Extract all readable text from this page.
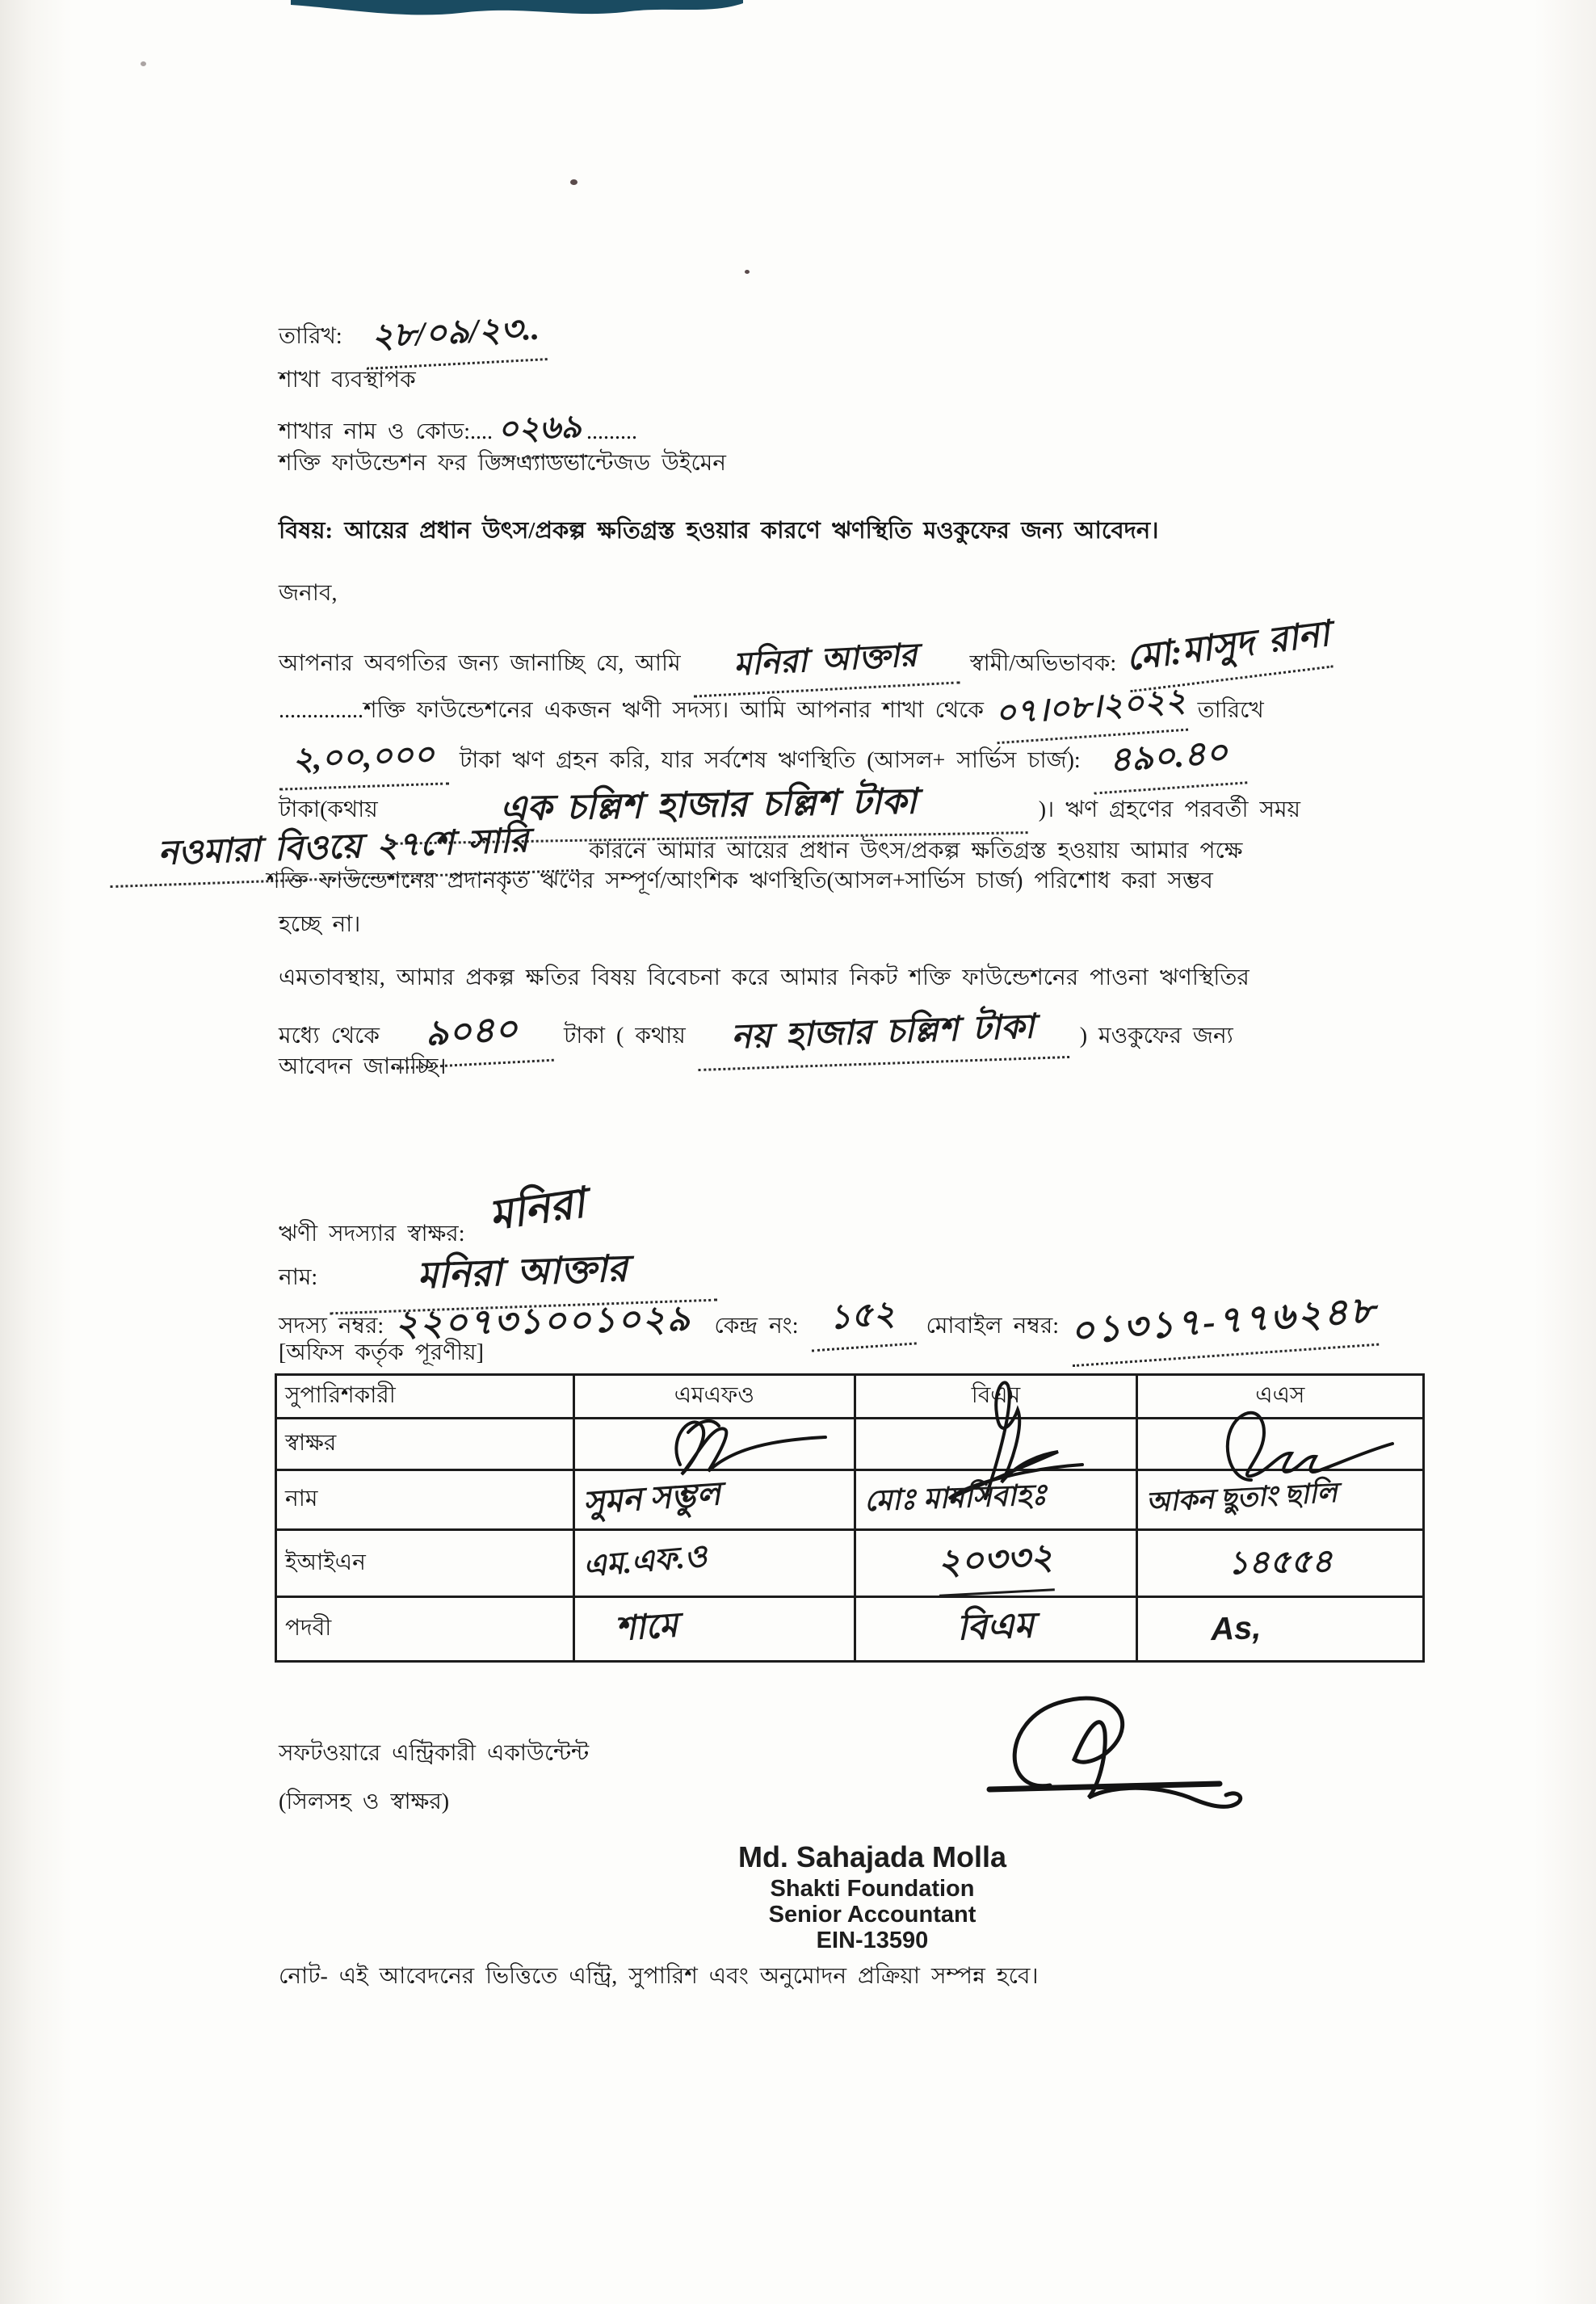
তারিখ: ২৮/০৯/২৩..
শাখা ব্যবস্থাপক
শাখার নাম ও কোড:.... ০২৬৯ .........
শক্তি ফাউন্ডেশন ফর ডিসএ্যাডভান্টেজড উইমেন
বিষয়: আয়ের প্রধান উৎস/প্রকল্প ক্ষতিগ্রস্ত হওয়ার কারণে ঋণস্থিতি মওকুফের জন্য আবেদন।
জনাব,
আপনার অবগতির জন্য জানাচ্ছি যে, আমি মনিরা আক্তার স্বামী/অভিভাবক: মো:মাসুদ রানা
...............শক্তি ফাউন্ডেশনের একজন ঋণী সদস্য। আমি আপনার শাখা থেকে ০৭।০৮।২০২২ তারিখে
২,০০,০০০ টাকা ঋণ গ্রহন করি, যার সর্বশেষ ঋণস্থিতি (আসল+ সার্ভিস চার্জ): ৪৯০.৪০
টাকা(কথায়	এক চল্লিশ হাজার চল্লিশ টাকা	)। ঋণ গ্রহণের পরবর্তী সময়
নওমারা বিওয়ে ২৭শে সারি	কারনে আমার আয়ের প্রধান উৎস/প্রকল্প ক্ষতিগ্রস্ত হওয়ায় আমার পক্ষে
শক্তি ফাউন্ডেশনের প্রদানকৃত ঋণের সম্পূর্ণ/আংশিক ঋণস্থিতি(আসল+সার্ভিস চার্জ) পরিশোধ করা সম্ভব
হচ্ছে না।
এমতাবস্থায়, আমার প্রকল্প ক্ষতির বিষয় বিবেচনা করে আমার নিকট শক্তি ফাউন্ডেশনের পাওনা ঋণস্থিতির
মধ্যে থেকে ৯০৪০ টাকা ( কথায় নয় হাজার চল্লিশ টাকা ) মওকুফের জন্য
আবেদন জানাচ্ছি।
ঋণী সদস্যার স্বাক্ষর: মনিরা
নাম:	মনিরা আক্তার
সদস্য নম্বর: ২২০৭৩১০০১০২৯ কেন্দ্র নং: ১৫২ মোবাইল নম্বর: ০১৩১৭-৭৭৬২৪৮
[অফিস কর্তৃক পূরণীয়]
সুপারিশকারী	এমএফও	বিএম	এএস
স্বাক্ষর	

নাম	সুমন সম্ভুল	মোঃ মামসিবাহঃ	আকন ছুতাং ছালি
ইআইএন	এম.এফ.ও	২০৩৩২	১৪৫৫৪
পদবী	শামে	বিএম	As,
সফটওয়ারে এন্ট্রিকারী একাউন্টেন্ট
(সিলসহ ও স্বাক্ষর)
Md. Sahajada Molla
Shakti Foundation
Senior Accountant
EIN-13590
নোট- এই আবেদনের ভিত্তিতে এন্ট্রি, সুপারিশ এবং অনুমোদন প্রক্রিয়া সম্পন্ন হবে।
